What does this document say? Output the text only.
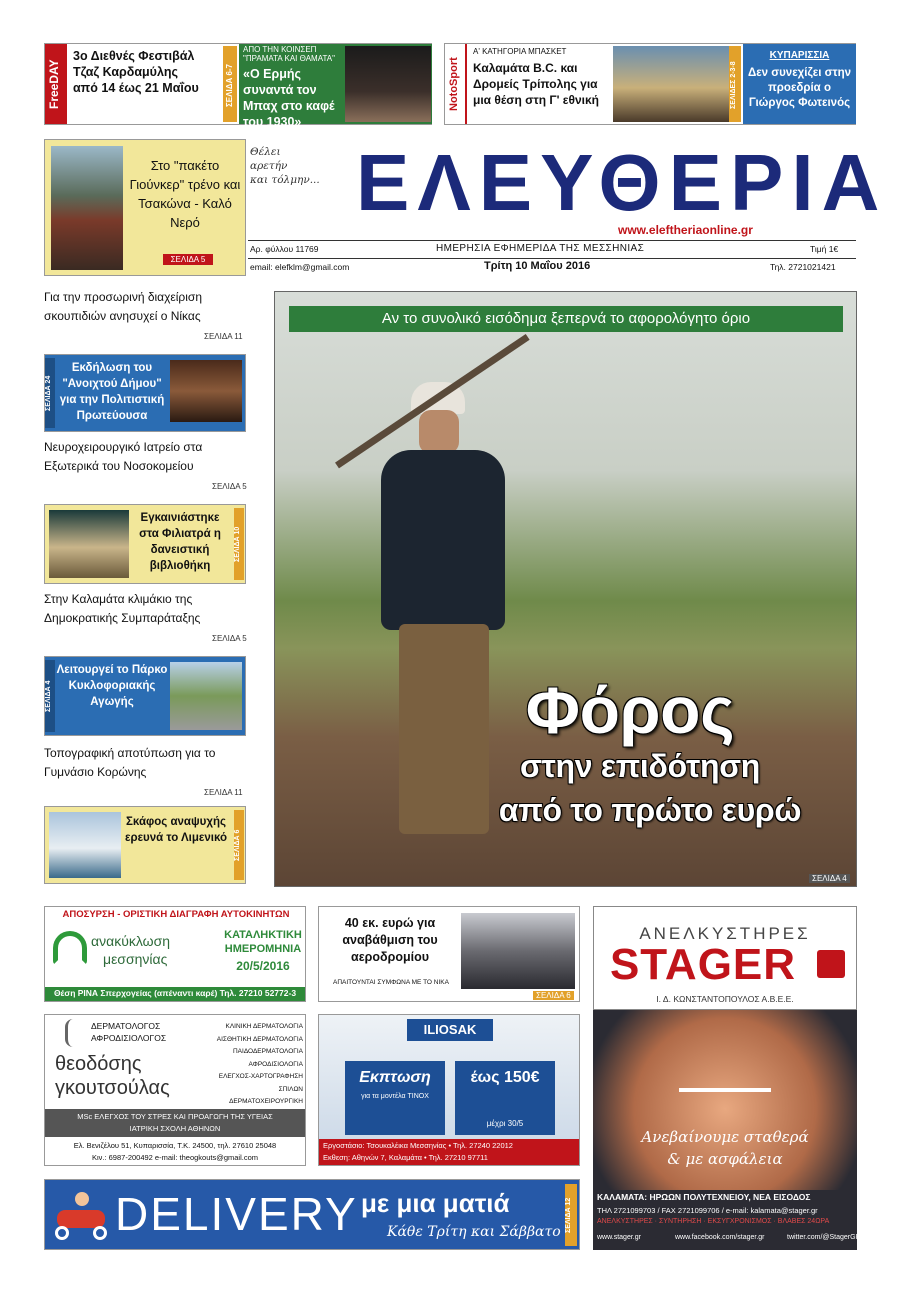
FreeDAY
3ο Διεθνές Φεστιβάλ Τζαζ Καρδαμύλης από 14 έως 21 Μαΐου	ΣΕΛΙΔΑ 6-7
ΑΠΟ ΤΗΝ ΚΟΙΝΣΕΠ
"ΠΡΑΜΑΤΑ ΚΑΙ ΘΑΜΑΤΑ"
«Ο Ερμής συναντά τον Μπαχ στο καφέ του 1930»
NotoSport
Α' ΚΑΤΗΓΟΡΙΑ ΜΠΑΣΚΕΤ
Καλαμάτα Β.C. και Δρομείς Τρίπολης για μια θέση στη Γ' εθνική	ΣΕΛΙΔΕΣ 2-3-8
ΚΥΠΑΡΙΣΣΙΑ
Δεν συνεχίζει στην προεδρία ο Γιώργος Φωτεινός
Στο "πακέτο Γιούνκερ" τρένο και Τσακώνα - Καλό Νερό
ΣΕΛΙΔΑ 5
Θέλει
αρετήν
και τόλμην... ΕΛΕΥΘΕΡΙΑ
www.eleftheriaonline.gr
Αρ. φύλλου 11769	ΗΜΕΡΗΣΙΑ ΕΦΗΜΕΡΙΔΑ ΤΗΣ ΜΕΣΣΗΝΙΑΣ	Τιμή 1€
email: elefklm@gmail.com	Τρίτη 10 Μαΐου 2016	Τηλ. 2721021421
Για την προσωρινή διαχείριση σκουπιδιών ανησυχεί ο Νίκας
ΣΕΛΙΔΑ 11
ΣΕΛΙΔΑ 24
Εκδήλωση του "Ανοιχτού Δήμου" για την Πολιτιστική Πρωτεύουσα
Νευροχειρουργικό Ιατρείο στα Εξωτερικά του Νοσοκομείου
ΣΕΛΙΔΑ 5
Εγκαινιάστηκε στα Φιλιατρά η δανειστική βιβλιοθήκη
ΣΕΛΙΔΑ 10
Στην Καλαμάτα κλιμάκιο της Δημοκρατικής Συμπαράταξης
ΣΕΛΙΔΑ 5
ΣΕΛΙΔΑ 4
Λειτουργεί το Πάρκο Κυκλοφοριακής Αγωγής
Τοπογραφική αποτύπωση για το Γυμνάσιο Κορώνης
ΣΕΛΙΔΑ 11
Σκάφος αναψυχής ερευνά το Λιμενικό ΣΕΛΙΔΑ 6
Αν το συνολικό εισόδημα ξεπερνά το αφορολόγητο όριο
Φόρος
στην επιδότηση
από το πρώτο ευρώ
ΣΕΛΙΔΑ 4
ΑΠΟΣΥΡΣΗ - ΟΡΙΣΤΙΚΗ ΔΙΑΓΡΑΦΗ ΑΥΤΟΚΙΝΗΤΩΝ
ανακύκλωση
μεσσηνίας
ΚΑΤΑΛΗΚΤΙΚΗ
ΗΜΕΡΟΜΗΝΙΑ
20/5/2016
Θέση ΡΙΝΑ Σπερχογείας (απέναντι καρέ) Τηλ. 27210 52772-3
40 εκ. ευρώ για αναβάθμιση του αεροδρομίου
ΑΠΑΙΤΟΥΝΤΑΙ ΣΥΜΦΩΝΑ ΜΕ ΤΟ ΝΙΚΑ
ΣΕΛΙΔΑ 6
ΑΝΕΛΚΥΣΤΗΡΕΣ
STAGER
Ι. Δ. ΚΩΝΣΤΑΝΤΟΠΟΥΛΟΣ Α.Β.Ε.Ε.
Ανεβαίνουμε σταθερά
& με ασφάλεια
ΚΑΛΑΜΑΤΑ: ΗΡΩΩΝ ΠΟΛΥΤΕΧΝΕΙΟΥ, ΝΕΑ ΕΙΣΟΔΟΣ
ΤΗΛ 2721099703 / FAX 2721099706 / e-mail: kalamata@stager.gr
ΑΝΕΛΚΥΣΤΗΡΕΣ · ΣΥΝΤΗΡΗΣΗ · ΕΚΣΥΓΧΡΟΝΙΣΜΟΣ · ΒΛΑΒΕΣ 24ΩΡΑ
www.stager.gr	www.facebook.com/stager.gr	twitter.com/@StagerGR
ΔΕΡΜΑΤΟΛΟΓΟΣ
ΑΦΡΟΔΙΣΙΟΛΟΓΟΣ
θεοδόσης
γκουτσούλας
ΚΛΙΝΙΚΗ ΔΕΡΜΑΤΟΛΟΓΙΑ
ΑΙΣΘΗΤΙΚΗ ΔΕΡΜΑΤΟΛΟΓΙΑ
ΠΑΙΔΟΔΕΡΜΑΤΟΛΟΓΙΑ
ΑΦΡΟΔΙΣΙΟΛΟΓΙΑ
ΕΛΕΓΧΟΣ-ΧΑΡΤΟΓΡΑΦΗΣΗ ΣΠΙΛΩΝ
ΔΕΡΜΑΤΟΧΕΙΡΟΥΡΓΙΚΗ
MSc ΕΛΕΓΧΟΣ ΤΟΥ ΣΤΡΕΣ ΚΑΙ ΠΡΟΑΓΩΓΗ ΤΗΣ ΥΓΕΙΑΣ
ΙΑΤΡΙΚΗ ΣΧΟΛΗ ΑΘΗΝΩΝ
Ελ. Βενιζέλου 51, Κυπαρισσία, Τ.Κ. 24500, τηλ. 27610 25048
Κιν.: 6987-200492 e-mail: theogkouts@gmail.com
ILIOSAK
Εκπτωση
για τα μοντέλα TINOX
έως 150€
μέχρι 30/5
Εργοστάσιο: Τσουκαλέικα Μεσσηνίας • Τηλ. 27240 22012
Εκθεση: Αθηνών 7, Καλαμάτα • Τηλ. 27210 97711
DELIVERY με μια ματιά
Κάθε Τρίτη και Σάββατο ΣΕΛΙΔΑ 12
